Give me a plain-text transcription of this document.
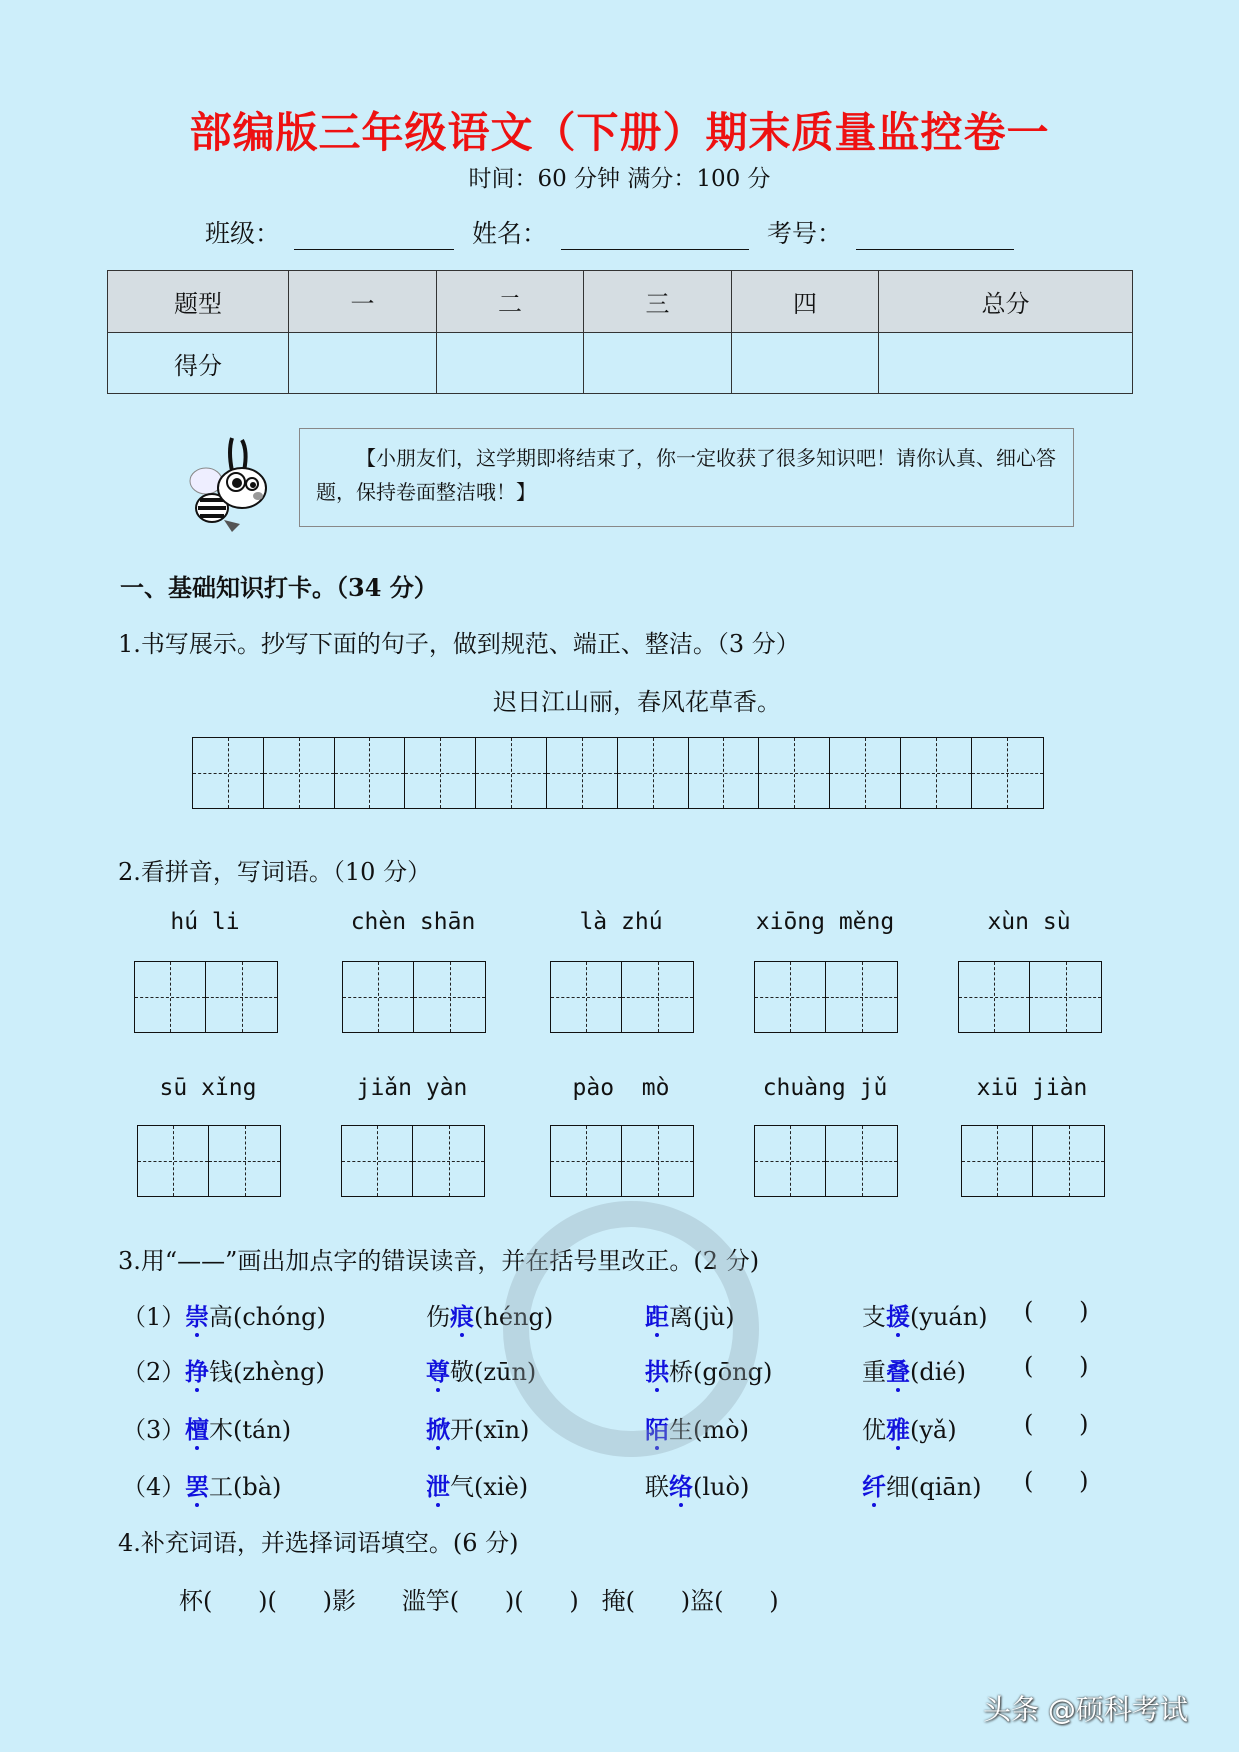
部编版三年级语文（下册）期末质量监控卷一
时间：60 分钟 满分：100 分
班级：	姓名：	考号：
题型	一	二	三	四	总分
得分					
【小朋友们，这学期即将结束了，你一定收获了很多知识吧！请你认真、细心答题，保持卷面整洁哦！】
一、基础知识打卡。（34 分）
1.书写展示。抄写下面的句子，做到规范、端正、整洁。（3 分）
迟日江山丽，春风花草香。
2.看拼音，写词语。（10 分）
hú li	chèn shān	là zhú	xiōng měng	xùn sù
sū xǐng	jiǎn yàn	pào  mò	chuàng jǔ	xiū jiàn
3.用“——”画出加点字的错误读音，并在括号里改正。(2 分)
（1） 崇高(chóng)	伤痕(héng)	距离(jù)	支援(yuán) (      )
（2） 挣钱(zhèng)	尊敬(zūn)	拱桥(gōng)	重叠(dié) (      )
（3） 檀木(tán)	掀开(xīn)	陌生(mò)	优雅(yǎ)	(      )
（4） 罢工(bà)	泄气(xiè)	联络(luò)	纤细(qiān) (      )
4.补充词语，并选择词语填空。(6 分)
杯(      )(      )影      滥竽(      )(      )   掩(      )盗(      )
头条 @硕科考试
